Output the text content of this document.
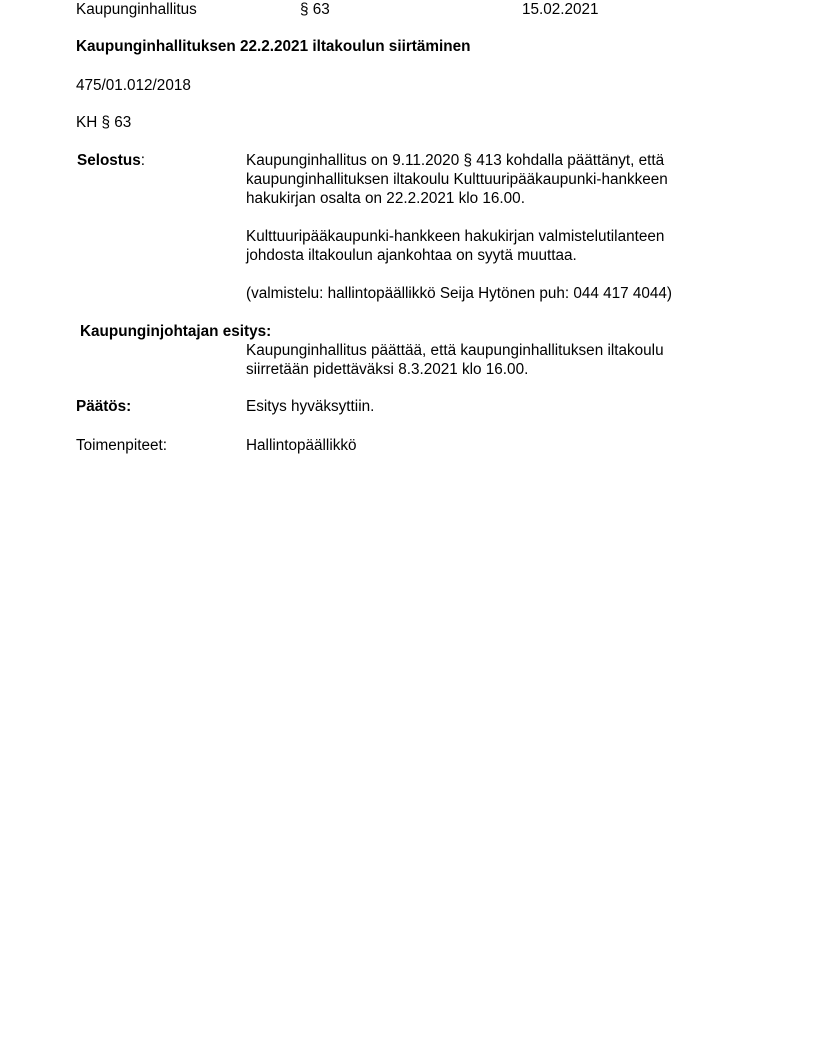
Kaupunginhallitus	§ 63	15.02.2021
Kaupunginhallituksen 22.2.2021 iltakoulun siirtäminen
475/01.012/2018
KH § 63
Selostus:	Kaupunginhallitus on 9.11.2020 § 413 kohdalla päättänyt, että
kaupunginhallituksen iltakoulu Kulttuuripääkaupunki-hankkeen
hakukirjan osalta on 22.2.2021 klo 16.00.
Kulttuuripääkaupunki-hankkeen hakukirjan valmistelutilanteen
johdosta iltakoulun ajankohtaa on syytä muuttaa.
(valmistelu: hallintopäällikkö Seija Hytönen puh: 044 417 4044)
Kaupunginjohtajan esitys:
Kaupunginhallitus päättää, että kaupunginhallituksen iltakoulu
siirretään pidettäväksi 8.3.2021 klo 16.00.
Päätös:	Esitys hyväksyttiin.
Toimenpiteet:	Hallintopäällikkö
